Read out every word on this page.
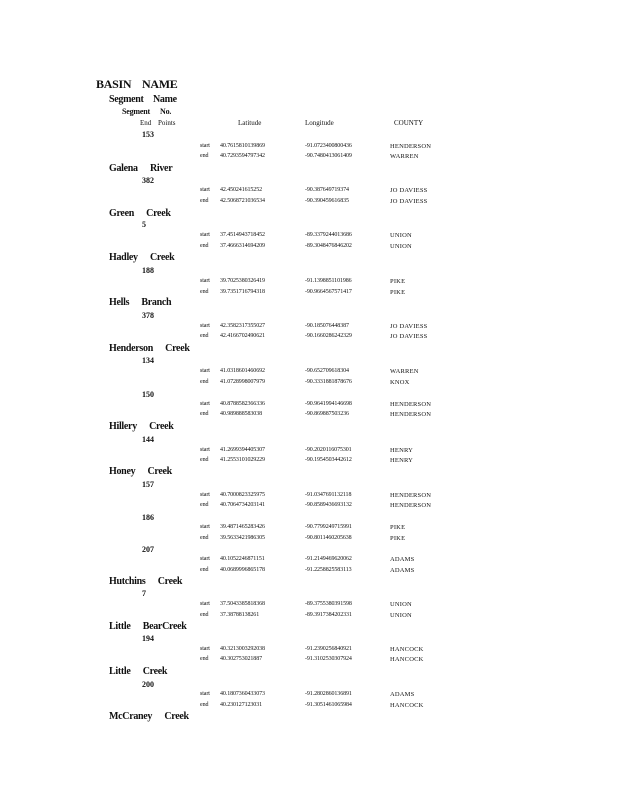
BASIN NAME
Segment Name
Segment No.
End Points	Latitude	Longitude	COUNTY
153
start 40.7615810139869	-91.0723400800436	HENDERSON
end 40.7293594797342	-90.7480413061409	WARREN
Galena River
382
start 42.450241615252	-90.387649719374	JO DAVIESS
end 42.5068721036534	-90.390459616835	JO DAVIESS
Green Creek
5
start 37.4514943718452	-89.3379244013686	UNION
end 37.4666314694209	-89.3048476846202	UNION
Hadley Creek
188
start 39.7025380326419	-91.1398851101986	PIKE
end 39.7351716794318	-90.9664567571417	PIKE
Hells Branch
378
start 42.3582317355027	-90.185076448387	JO DAVIESS
end 42.4166702490621	-90.1660286242329	JO DAVIESS
Henderson Creek
134
start 41.0318601460692	-90.652709618304	WARREN
end 41.0728998007979	-90.3331881878676	KNOX
150
start 40.8788582366336	-90.9641994146698	HENDERSON
end 40.989888583038	-90.869887503236	HENDERSON
Hillery Creek
144
start 41.2699394405307	-90.2020116075301	HENRY
end 41.2553101029229	-90.1954503442612	HENRY
Honey Creek
157
start 40.7000823325975	-91.0347691132118	HENDERSON
end 40.7064734203141	-90.8589436693132	HENDERSON
186
start 39.4871465283426	-90.7799249715991	PIKE
end 39.5633421986305	-90.8011460205638	PIKE
207
start 40.1052246871151	-91.2149469620062	ADAMS
end 40.0689996865178	-91.2258825583113	ADAMS
Hutchins Creek
7
start 37.5043385818368	-89.3755380391598	UNION
end 37.38788138261	-89.3917384202331	UNION
Little BearCreek
194
start 40.3213003292038	-91.2390256840921	HANCOCK
end 40.302753021887	-91.3102530307924	HANCOCK
Little Creek
200
start 40.1807360433073	-91.2802860136891	ADAMS
end 40.230127123031	-91.3051461065984	HANCOCK
McCraney Creek
